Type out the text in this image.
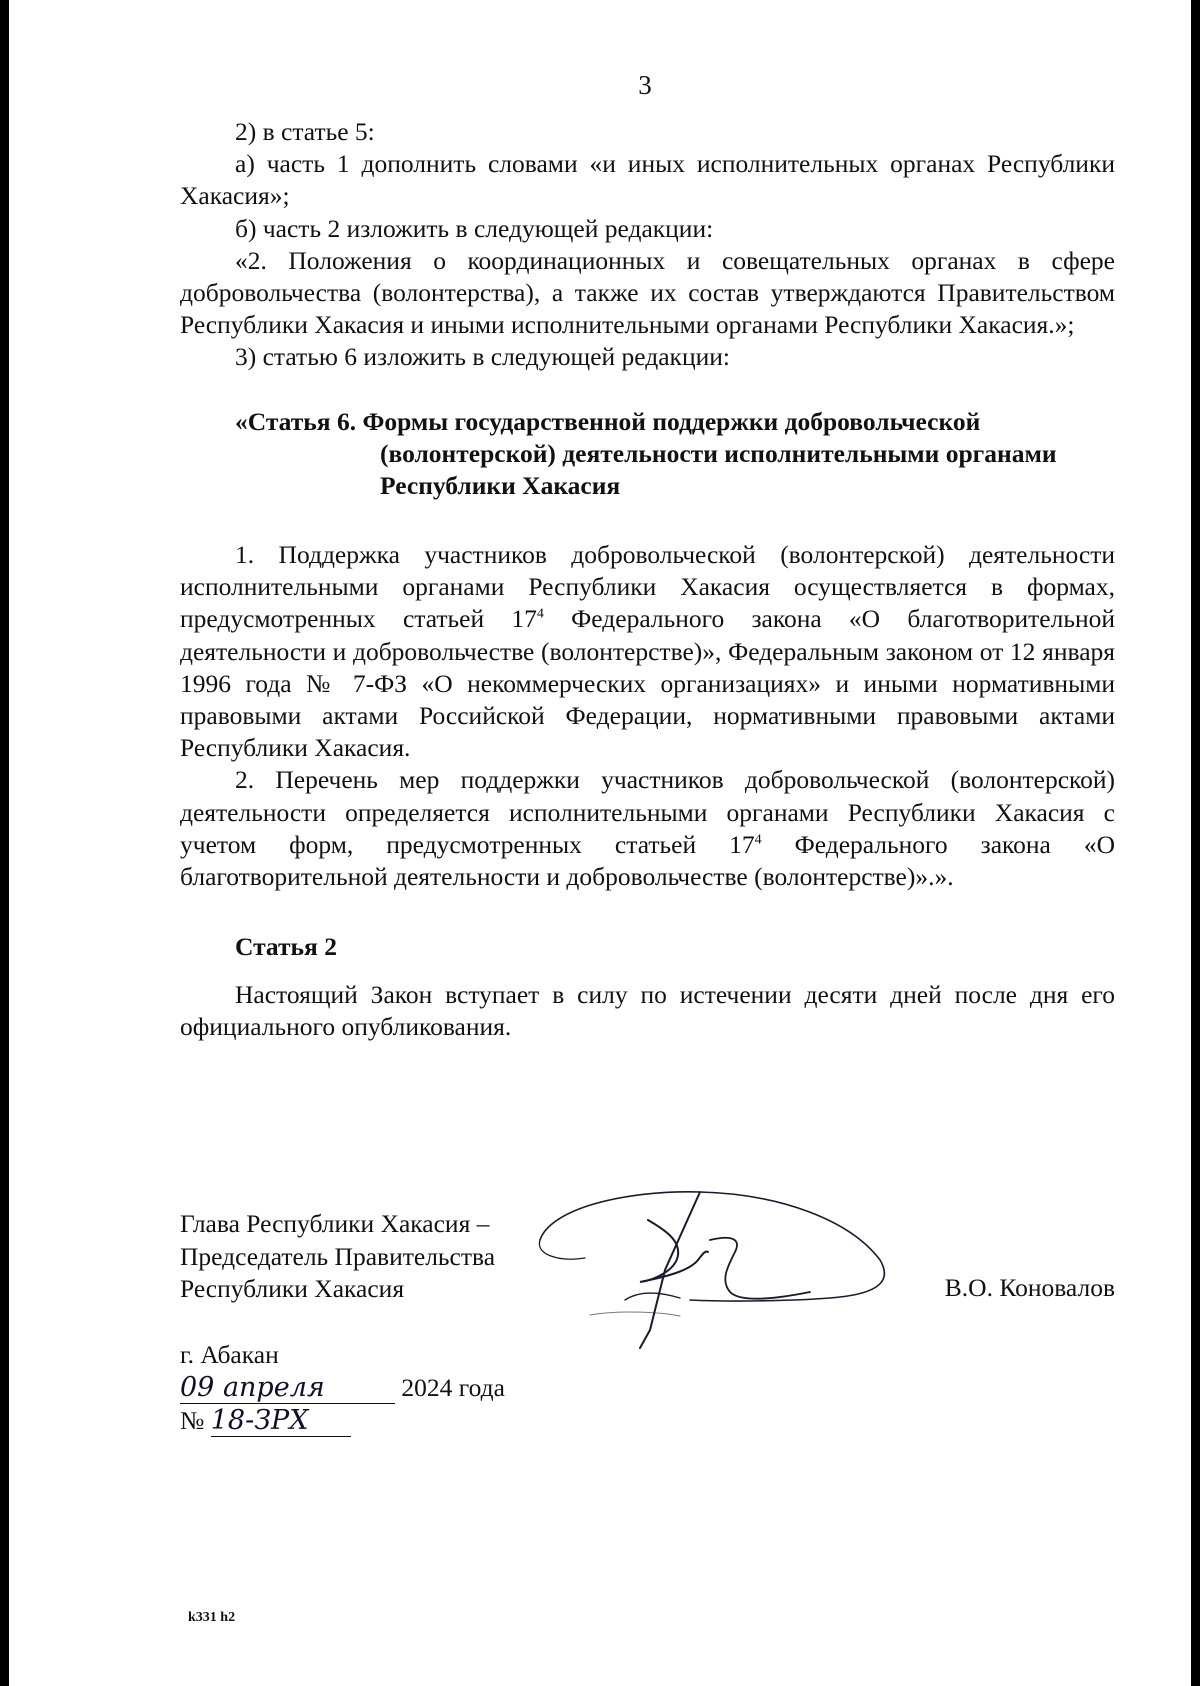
3

2) в статье 5:

а) часть 1 дополнить словами «и иных исполнительных органах Республики Хакасия»;

б) часть 2 изложить в следующей редакции:

«2. Положения о координационных и совещательных органах в сфере добровольчества (волонтерства), а также их состав утверждаются Правительством Республики Хакасия и иными исполнительными органами Республики Хакасия.»;

3) статью 6 изложить в следующей редакции:

«Статья 6. Формы государственной поддержки добровольческой
(волонтерской) деятельности исполнительными органами
Республики Хакасия

1. Поддержка участников добровольческой (волонтерской) деятельности исполнительными органами Республики Хакасия осуществляется в формах, предусмотренных статьей $17^4$ Федерального закона «О благотворительной деятельности и добровольчестве (волонтерстве)», Федеральным законом от 12 января 1996 года № 7-ФЗ «О некоммерческих организациях» и иными нормативными правовыми актами Российской Федерации, нормативными правовыми актами Республики Хакасия.

2. Перечень мер поддержки участников добровольческой (волонтерской) деятельности определяется исполнительными органами Республики Хакасия с учетом форм, предусмотренных статьей $17^4$ Федерального закона «О благотворительной деятельности и добровольчестве (волонтерстве)».».

Статья 2

Настоящий Закон вступает в силу по истечении десяти дней после дня его официального опубликования.

Глава Республики Хакасия –
Председатель Правительства
Республики Хакасия	В.О. Коновалов
г. Абакан
09 апреля	2024 года
№ 18-ЗРХ
k331 h2
